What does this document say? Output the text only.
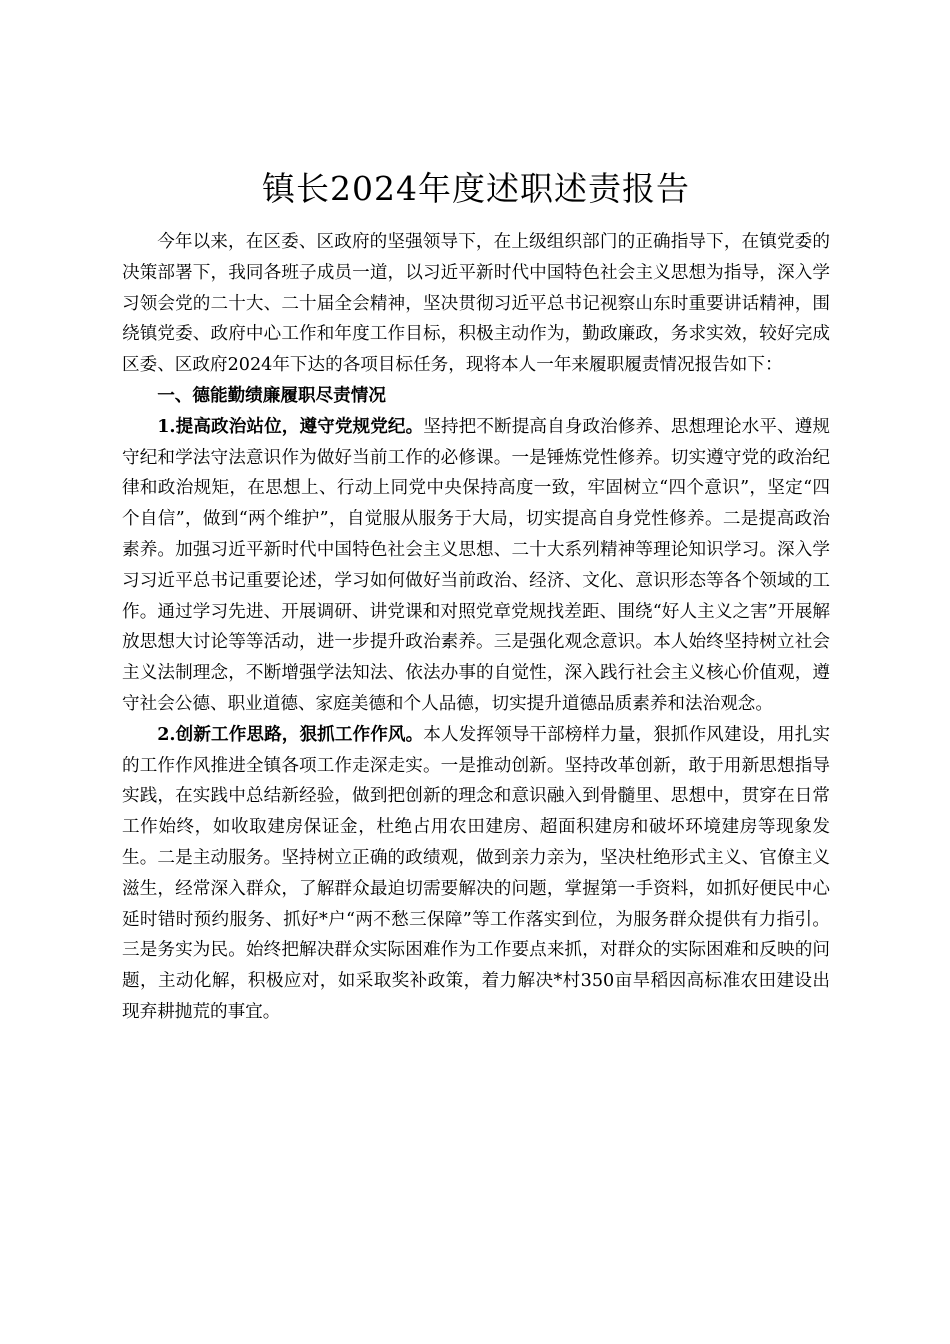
镇长2024年度述职述责报告

今年以来，在区委、区政府的坚强领导下，在上级组织部门的正确指导下，在镇党委的决策部署下，我同各班子成员一道，以习近平新时代中国特色社会主义思想为指导，深入学习领会党的二十大、二十届全会精神，坚决贯彻习近平总书记视察山东时重要讲话精神，围绕镇党委、政府中心工作和年度工作目标，积极主动作为，勤政廉政，务求实效，较好完成区委、区政府2024年下达的各项目标任务，现将本人一年来履职履责情况报告如下：

一、德能勤绩廉履职尽责情况

1.提高政治站位，遵守党规党纪。坚持把不断提高自身政治修养、思想理论水平、遵规守纪和学法守法意识作为做好当前工作的必修课。一是锤炼党性修养。切实遵守党的政治纪律和政治规矩，在思想上、行动上同党中央保持高度一致，牢固树立“四个意识”，坚定“四个自信”，做到“两个维护”，自觉服从服务于大局，切实提高自身党性修养。二是提高政治素养。加强习近平新时代中国特色社会主义思想、二十大系列精神等理论知识学习。深入学习习近平总书记重要论述，学习如何做好当前政治、经济、文化、意识形态等各个领域的工作。通过学习先进、开展调研、讲党课和对照党章党规找差距、围绕“好人主义之害”开展解放思想大讨论等等活动，进一步提升政治素养。三是强化观念意识。本人始终坚持树立社会主义法制理念，不断增强学法知法、依法办事的自觉性，深入践行社会主义核心价值观，遵守社会公德、职业道德、家庭美德和个人品德，切实提升道德品质素养和法治观念。

2.创新工作思路，狠抓工作作风。本人发挥领导干部榜样力量，狠抓作风建设，用扎实的工作作风推进全镇各项工作走深走实。一是推动创新。坚持改革创新，敢于用新思想指导实践，在实践中总结新经验，做到把创新的理念和意识融入到骨髓里、思想中，贯穿在日常工作始终，如收取建房保证金，杜绝占用农田建房、超面积建房和破坏环境建房等现象发生。二是主动服务。坚持树立正确的政绩观，做到亲力亲为，坚决杜绝形式主义、官僚主义滋生，经常深入群众，了解群众最迫切需要解决的问题，掌握第一手资料，如抓好便民中心延时错时预约服务、抓好*户“两不愁三保障”等工作落实到位，为服务群众提供有力指引。三是务实为民。始终把解决群众实际困难作为工作要点来抓，对群众的实际困难和反映的问题，主动化解，积极应对，如采取奖补政策，着力解决*村350亩旱稻因高标准农田建设出现弃耕抛荒的事宜。
